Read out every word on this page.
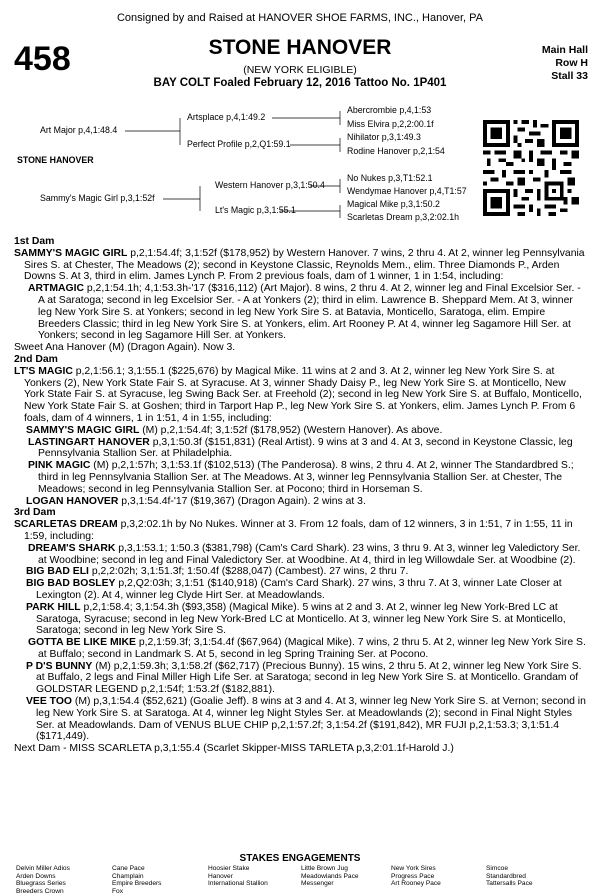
Consigned by and Raised at HANOVER SHOE FARMS, INC., Hanover, PA
458	STONE HANOVER
(NEW YORK ELIGIBLE)
BAY COLT Foaled February 12, 2016 Tattoo No. 1P401
Main Hall
Row H
Stall 33
Art Major p,4,1:48.4
STONE HANOVER
Sammy's Magic Girl p,3,1:52f
Artsplace p,4,1:49.2
Perfect Profile p,2,Q1:59.1
Western Hanover p,3,1:50.4
Lt's Magic p,3,1:55.1
Abercrombie p,4,1:53
Miss Elvira p,2,2:00.1f
Nihilator p,3,1:49.3
Rodine Hanover p,2,1:54
No Nukes p,3,T1:52.1
Wendymae Hanover p,4,T1:57
Magical Mike p,3,1:50.2
Scarletas Dream p,3,2:02.1h

1st Dam

SAMMY'S MAGIC GIRL p,2,1:54.4f; 3,1:52f ($178,952) by Western Hanover. 7 wins, 2 thru 4. At 2, winner leg Pennsylvania Sires S. at Chester, The Meadows (2); second in Keystone Classic, Reynolds Mem., elim. Three Diamonds P., Arden Downs S. At 3, third in elim. James Lynch P. From 2 previous foals, dam of 1 winner, 1 in 1:54, including:

ARTMAGIC p,2,1:54.1h; 4,1:53.3h-'17 ($316,112) (Art Major). 8 wins, 2 thru 4. At 2, winner leg and Final Excelsior Ser. - A at Saratoga; second in leg Excelsior Ser. - A at Yonkers (2); third in elim. Lawrence B. Sheppard Mem. At 3, winner leg New York Sire S. at Yonkers; second in leg New York Sire S. at Batavia, Monticello, Saratoga, elim. Empire Breeders Classic; third in leg New York Sire S. at Yonkers, elim. Art Rooney P. At 4, winner leg Sagamore Hill Ser. at Yonkers; second in leg Sagamore Hill Ser. at Yonkers.

Sweet Ana Hanover (M) (Dragon Again). Now 3.

2nd Dam

LT'S MAGIC p,2,1:56.1; 3,1:55.1 ($225,676) by Magical Mike. 11 wins at 2 and 3. At 2, winner leg New York Sire S. at Yonkers (2), New York State Fair S. at Syracuse. At 3, winner Shady Daisy P., leg New York Sire S. at Monticello, New York State Fair S. at Syracuse, leg Swing Back Ser. at Freehold (2); second in leg New York Sire S. at Buffalo, Monticello, New York State Fair S. at Goshen; third in Tarport Hap P., leg New York Sire S. at Yonkers, elim. James Lynch P. From 6 foals, dam of 4 winners, 1 in 1:51, 4 in 1:55, including:

SAMMY'S MAGIC GIRL (M) p,2,1:54.4f; 3,1:52f ($178,952) (Western Hanover). As above.

LASTINGART HANOVER p,3,1:50.3f ($151,831) (Real Artist). 9 wins at 3 and 4. At 3, second in Keystone Classic, leg Pennsylvania Stallion Ser. at Philadelphia.

PINK MAGIC (M) p,2,1:57h; 3,1:53.1f ($102,513) (The Panderosa). 8 wins, 2 thru 4. At 2, winner The Standardbred S.; third in leg Pennsylvania Stallion Ser. at The Meadows. At 3, winner leg Pennsylvania Stallion Ser. at Chester, The Meadows; second in leg Pennsylvania Stallion Ser. at Pocono; third in Horseman S.

LOGAN HANOVER p,3,1:54.4f-'17 ($19,367) (Dragon Again). 2 wins at 3.

3rd Dam

SCARLETAS DREAM p,3,2:02.1h by No Nukes. Winner at 3. From 12 foals, dam of 12 winners, 3 in 1:51, 7 in 1:55, 11 in 1:59, including:

DREAM'S SHARK p,3,1:53.1; 1:50.3 ($381,798) (Cam's Card Shark). 23 wins, 3 thru 9. At 3, winner leg Valedictory Ser. at Woodbine; second in leg and Final Valedictory Ser. at Woodbine. At 4, third in leg Willowdale Ser. at Woodbine (2).

BIG BAD ELI p,2,2:02h; 3,1:51.3f; 1:50.4f ($288,047) (Cambest). 27 wins, 2 thru 7.

BIG BAD BOSLEY p,2,Q2:03h; 3,1:51 ($140,918) (Cam's Card Shark). 27 wins, 3 thru 7. At 3, winner Late Closer at Lexington (2). At 4, winner leg Clyde Hirt Ser. at Meadowlands.

PARK HILL p,2,1:58.4; 3,1:54.3h ($93,358) (Magical Mike). 5 wins at 2 and 3. At 2, winner leg New York-Bred LC at Saratoga, Syracuse; second in leg New York-Bred LC at Monticello. At 3, winner leg New York Sire S. at Monticello, Saratoga; second in leg New York Sire S.

GOTTA BE LIKE MIKE p,2,1:59.3f; 3,1:54.4f ($67,964) (Magical Mike). 7 wins, 2 thru 5. At 2, winner leg New York Sire S. at Buffalo; second in Landmark S. At 5, second in leg Spring Training Ser. at Pocono.

P D'S BUNNY (M) p,2,1:59.3h; 3,1:58.2f ($62,717) (Precious Bunny). 15 wins, 2 thru 5. At 2, winner leg New York Sire S. at Buffalo, 2 legs and Final Miller High Life Ser. at Saratoga; second in leg New York Sire S. at Monticello. Grandam of GOLDSTAR LEGEND p,2,1:54f; 1:53.2f ($182,881).

VEE TOO (M) p,3,1:54.4 ($52,621) (Goalie Jeff). 8 wins at 3 and 4. At 3, winner leg New York Sire S. at Vernon; second in leg New York Sire S. at Saratoga. At 4, winner leg Night Styles Ser. at Meadowlands (2); second in Final Night Styles Ser. at Meadowlands. Dam of VENUS BLUE CHIP p,2,1:57.2f; 3,1:54.2f ($191,842), MR FUJI p,2,1:53.3; 3,1:51.4 ($171,449).

Next Dam - MISS SCARLETA p,3,1:55.4 (Scarlet Skipper-MISS TARLETA p,3,2:01.1f-Harold J.)

STAKES ENGAGEMENTS
Delvin Miller Adios
Arden Downs
Bluegrass Series
Breeders Crown
Cane Pace
Champlain
Empire Breeders
Fox
Hoosier Stake
Hanover
International Stallion
Little Brown Jug
Meadowlands Pace
Messenger
New York Sires
Progress Pace
Art Rooney Pace
Simcoe
Standardbred
Tattersalls Pace
